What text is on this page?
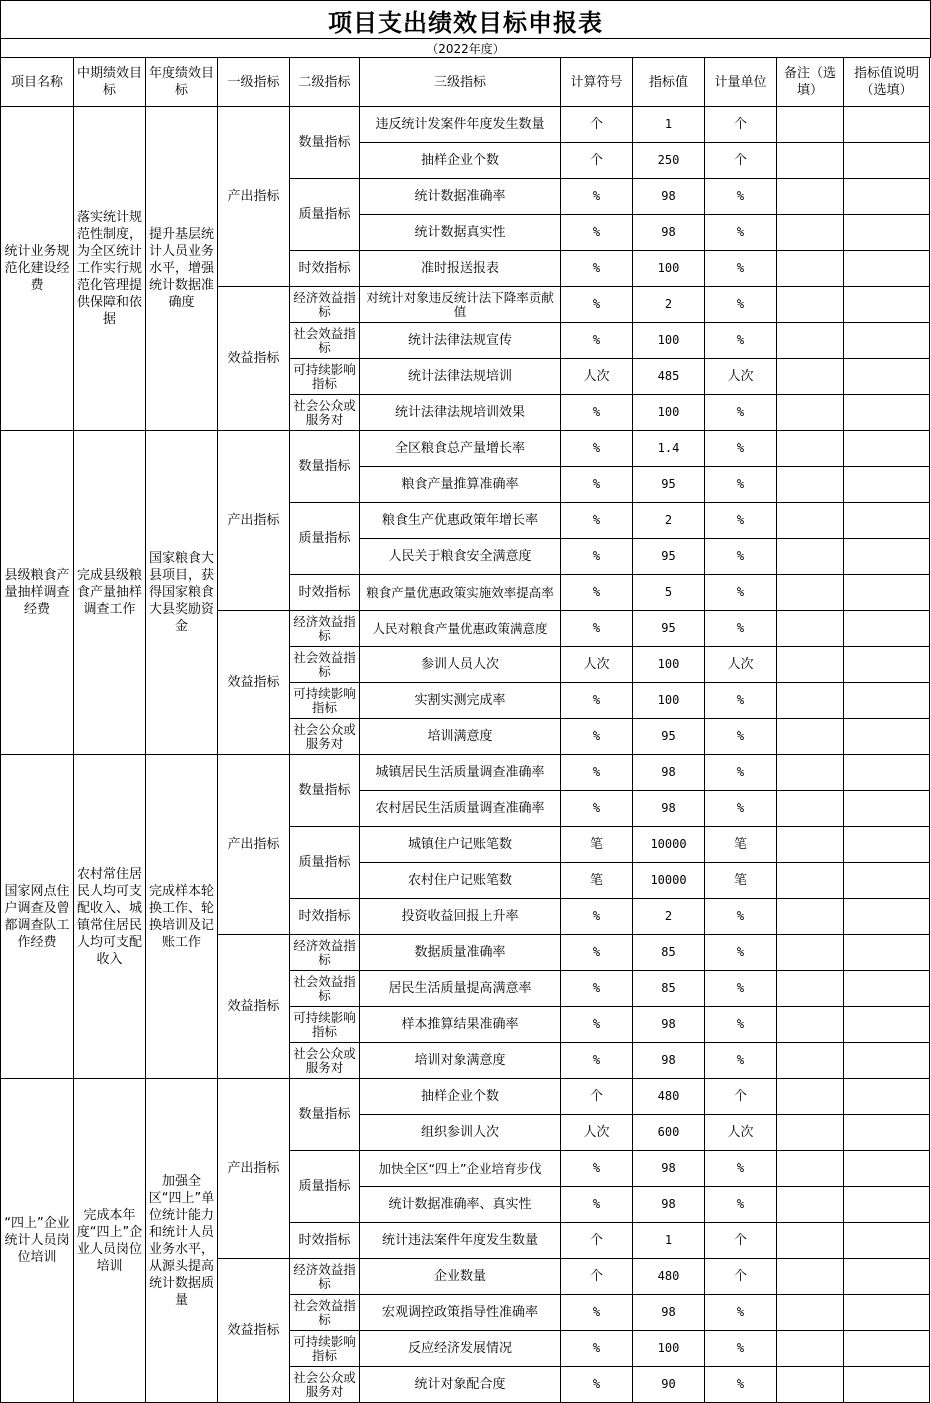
项目支出绩效目标申报表
（2022年度）
项目名称	中期绩效目标	年度绩效目标	一级指标	二级指标	三级指标	计算符号	指标值	计量单位	备注（选填）	指标值说明（选填）
统计业务规范化建设经费	落实统计规范性制度，为全区统计工作实行规范化管理提供保障和依据	提升基层统计人员业务水平，增强统计数据准确度	产出指标	数量指标	违反统计发案件年度发生数量	个	1	个		
					抽样企业个数	个	250	个		
				质量指标	统计数据准确率	%	98	%		
					统计数据真实性	%	98	%		
				时效指标	准时报送报表	%	100	%		
			效益指标	经济效益指标	对统计对象违反统计法下降率贡献值	%	2	%		
				社会效益指标	统计法律法规宣传	%	100	%		
				可持续影响指标	统计法律法规培训	人次	485	人次		
				社会公众或服务对	统计法律法规培训效果	%	100	%		
县级粮食产量抽样调查经费	完成县级粮食产量抽样调查工作	国家粮食大县项目，获得国家粮食大县奖励资金	产出指标	数量指标	全区粮食总产量增长率	%	1.4	%		
					粮食产量推算准确率	%	95	%		
				质量指标	粮食生产优惠政策年增长率	%	2	%		
					人民关于粮食安全满意度	%	95	%		
				时效指标	粮食产量优惠政策实施效率提高率	%	5	%		
			效益指标	经济效益指标	人民对粮食产量优惠政策满意度	%	95	%		
				社会效益指标	参训人员人次	人次	100	人次		
				可持续影响指标	实割实测完成率	%	100	%		
				社会公众或服务对	培训满意度	%	95	%		
国家网点住户调查及曾都调查队工作经费	农村常住居民人均可支配收入、城镇常住居民人均可支配收入	完成样本轮换工作、轮换培训及记账工作	产出指标	数量指标	城镇居民生活质量调查准确率	%	98	%		
					农村居民生活质量调查准确率	%	98	%		
				质量指标	城镇住户记账笔数	笔	10000	笔		
					农村住户记账笔数	笔	10000	笔		
				时效指标	投资收益回报上升率	%	2	%		
			效益指标	经济效益指标	数据质量准确率	%	85	%		
				社会效益指标	居民生活质量提高满意率	%	85	%		
				可持续影响指标	样本推算结果准确率	%	98	%		
				社会公众或服务对	培训对象满意度	%	98	%		
“四上”企业统计人员岗位培训	完成本年度“四上”企业人员岗位培训	加强全区“四上”单位统计能力和统计人员业务水平，从源头提高统计数据质量	产出指标	数量指标	抽样企业个数	个	480	个		
					组织参训人次	人次	600	人次		
				质量指标	加快全区“四上”企业培育步伐	%	98	%		
					统计数据准确率、真实性	%	98	%		
				时效指标	统计违法案件年度发生数量	个	1	个		
			效益指标	经济效益指标	企业数量	个	480	个		
				社会效益指标	宏观调控政策指导性准确率	%	98	%		
				可持续影响指标	反应经济发展情况	%	100	%		
				社会公众或服务对	统计对象配合度	%	90	%		
